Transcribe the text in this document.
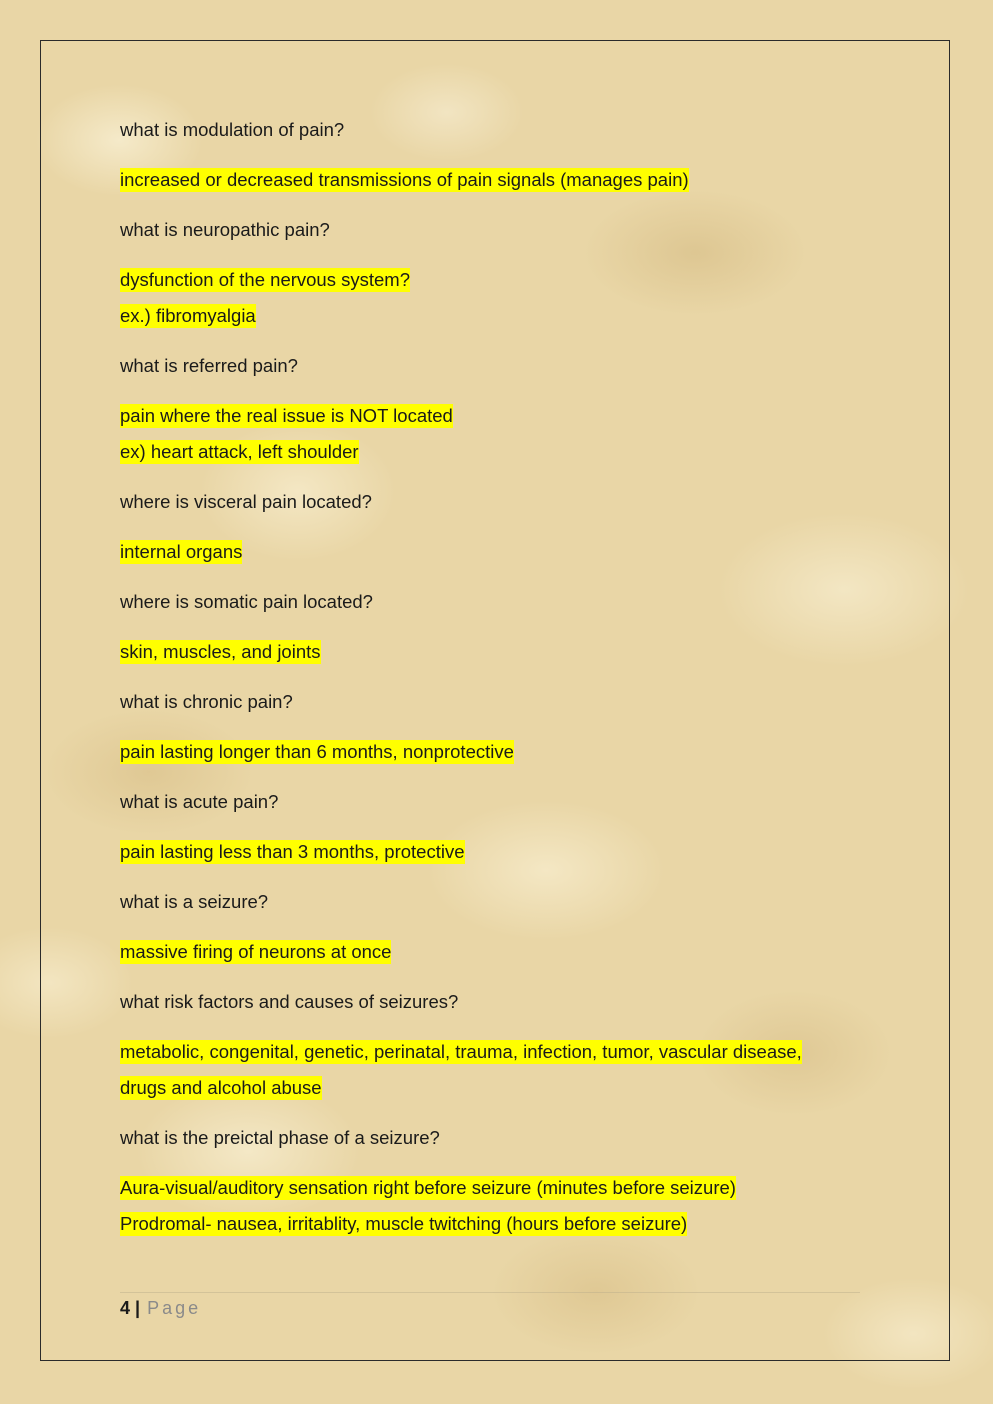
what is modulation of pain?

increased or decreased transmissions of pain signals (manages pain)

what is neuropathic pain?

dysfunction of the nervous system?

ex.) fibromyalgia

what is referred pain?

pain where the real issue is NOT located

ex) heart attack, left shoulder

where is visceral pain located?

internal organs

where is somatic pain located?

skin, muscles, and joints

what is chronic pain?

pain lasting longer than 6 months, nonprotective

what is acute pain?

pain lasting less than 3 months, protective

what is a seizure?

massive firing of neurons at once

what risk factors and causes of seizures?

metabolic, congenital, genetic, perinatal, trauma, infection, tumor, vascular disease,

drugs and alcohol abuse

what is the preictal phase of a seizure?

Aura-visual/auditory sensation right before seizure (minutes before seizure)

Prodromal- nausea, irritablity, muscle twitching (hours before seizure)

4 | Page
